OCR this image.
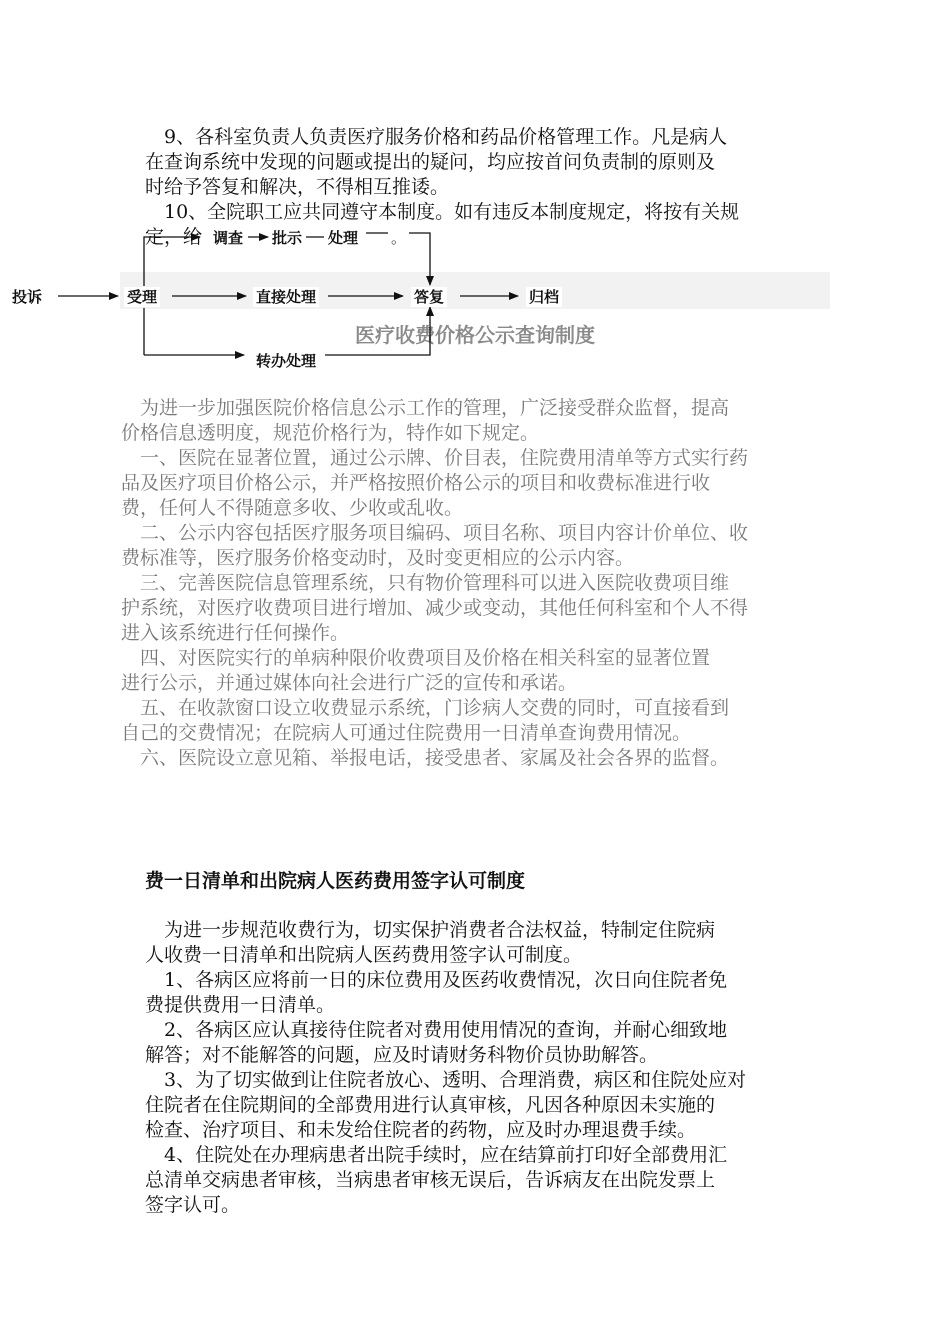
　9、各科室负责人负责医疗服务价格和药品价格管理工作。凡是病人

在查询系统中发现的问题或提出的疑问，均应按首问负责制的原则及

时给予答复和解决，不得相互推诿。

　10、全院职工应共同遵守本制度。如有违反本制度规定，将按有关规

定，给

医疗收费价格公示查询制度
投诉	受理	直接处理	答复	归档
调查 批示 处理 。
转办处理

　为进一步加强医院价格信息公示工作的管理，广泛接受群众监督，提高

价格信息透明度，规范价格行为，特作如下规定。

　一、医院在显著位置，通过公示牌、价目表，住院费用清单等方式实行药

品及医疗项目价格公示，并严格按照价格公示的项目和收费标准进行收

费，任何人不得随意多收、少收或乱收。

　二、公示内容包括医疗服务项目编码、项目名称、项目内容计价单位、收

费标准等，医疗服务价格变动时，及时变更相应的公示内容。

　三、完善医院信息管理系统，只有物价管理科可以进入医院收费项目维

护系统，对医疗收费项目进行增加、减少或变动，其他任何科室和个人不得

进入该系统进行任何操作。

　四、对医院实行的单病种限价收费项目及价格在相关科室的显著位置

进行公示，并通过媒体向社会进行广泛的宣传和承诺。

　五、在收款窗口设立收费显示系统，门诊病人交费的同时，可直接看到

自己的交费情况；在院病人可通过住院费用一日清单查询费用情况。

　六、医院设立意见箱、举报电话，接受患者、家属及社会各界的监督。

费一日清单和出院病人医药费用签字认可制度

　为进一步规范收费行为，切实保护消费者合法权益，特制定住院病

人收费一日清单和出院病人医药费用签字认可制度。

　1、各病区应将前一日的床位费用及医药收费情况，次日向住院者免

费提供费用一日清单。

　2、各病区应认真接待住院者对费用使用情况的查询，并耐心细致地

解答；对不能解答的问题，应及时请财务科物价员协助解答。

　3、为了切实做到让住院者放心、透明、合理消费，病区和住院处应对

住院者在住院期间的全部费用进行认真审核，凡因各种原因未实施的

检查、治疗项目、和未发给住院者的药物，应及时办理退费手续。

　4、住院处在办理病患者出院手续时，应在结算前打印好全部费用汇

总清单交病患者审核，当病患者审核无误后，告诉病友在出院发票上

签字认可。
